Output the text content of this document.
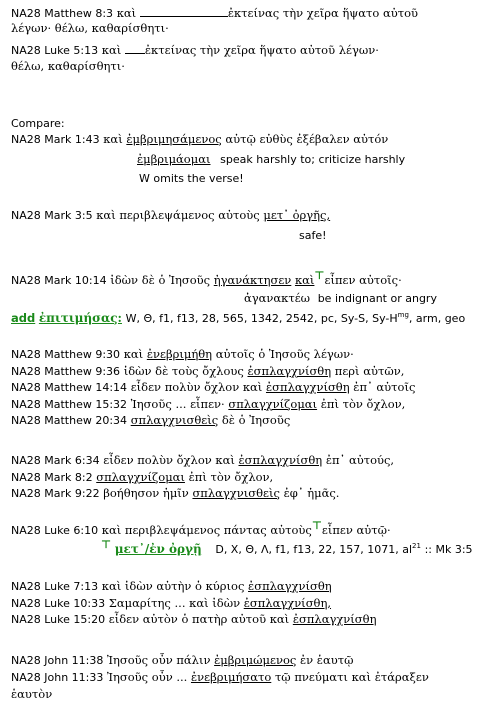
NA28 Matthew 8:3 καὶ	ἐκτείνας τὴν χεῖρα ἥψατο αὐτοῦ
λέγων· θέλω, καθαρίσθητι·
NA28 Luke 5:13 καὶ ἐκτείνας τὴν χεῖρα ἥψατο αὐτοῦ λέγων·
θέλω, καθαρίσθητι·
Compare:
NA28 Mark 1:43 καὶ ἐμβριμησάμενος αὐτῷ εὐθὺς ἐξέβαλεν αὐτόν
ἐμβριμάομαι speak harshly to; criticize harshly
W omits the verse!
NA28 Mark 3:5 καὶ περιβλεψάμενος αὐτοὺς μετ᾽ ὀργῆς,
safe!
NA28 Mark 10:14 ἰδὼν δὲ ὁ Ἰησοῦς ἠγανάκτησεν καὶ⊤εἶπεν αὐτοῖς·
ἀγανακτέω be indignant or angry
add ἐπιτιμήσας: W, Θ, f1, f13, 28, 565, 1342, 2542, pc, Sy-S, $Sy-H^{mg}$, arm, geo
NA28 Matthew 9:30 καὶ ἐνεβριμήθη αὐτοῖς ὁ Ἰησοῦς λέγων·
NA28 Matthew 9:36 ἰδὼν δὲ τοὺς ὄχλους ἐσπλαγχνίσθη περὶ αὐτῶν,
NA28 Matthew 14:14 εἶδεν πολὺν ὄχλον καὶ ἐσπλαγχνίσθη ἐπ᾽ αὐτοῖς
NA28 Matthew 15:32 Ἰησοῦς ... εἶπεν· σπλαγχνίζομαι ἐπὶ τὸν ὄχλον,
NA28 Matthew 20:34 σπλαγχνισθεὶς δὲ ὁ Ἰησοῦς
NA28 Mark 6:34 εἶδεν πολὺν ὄχλον καὶ ἐσπλαγχνίσθη ἐπ᾽ αὐτούς,
NA28 Mark 8:2 σπλαγχνίζομαι ἐπὶ τὸν ὄχλον,
NA28 Mark 9:22 βοήθησον ἡμῖν σπλαγχνισθεὶς ἐφ᾽ ἡμᾶς.
NA28 Luke 6:10 καὶ περιβλεψάμενος πάντας αὐτοὺς⊤εἶπεν αὐτῷ·
⊤ μετ᾽/ἐν ὀργῇ D, X, Θ, Λ, f1, f13, 22, 157, 1071, $al^{21}$ :: Mk 3:5
NA28 Luke 7:13 καὶ ἰδὼν αὐτὴν ὁ κύριος ἐσπλαγχνίσθη
NA28 Luke 10:33 Σαμαρίτης ... καὶ ἰδὼν ἐσπλαγχνίσθη,
NA28 Luke 15:20 εἶδεν αὐτὸν ὁ πατὴρ αὐτοῦ καὶ ἐσπλαγχνίσθη
NA28 John 11:38 Ἰησοῦς οὖν πάλιν ἐμβριμώμενος ἐν ἑαυτῷ
NA28 John 11:33 Ἰησοῦς οὖν ... ἐνεβριμήσατο τῷ πνεύματι καὶ ἐτάραξεν
ἑαυτὸν
